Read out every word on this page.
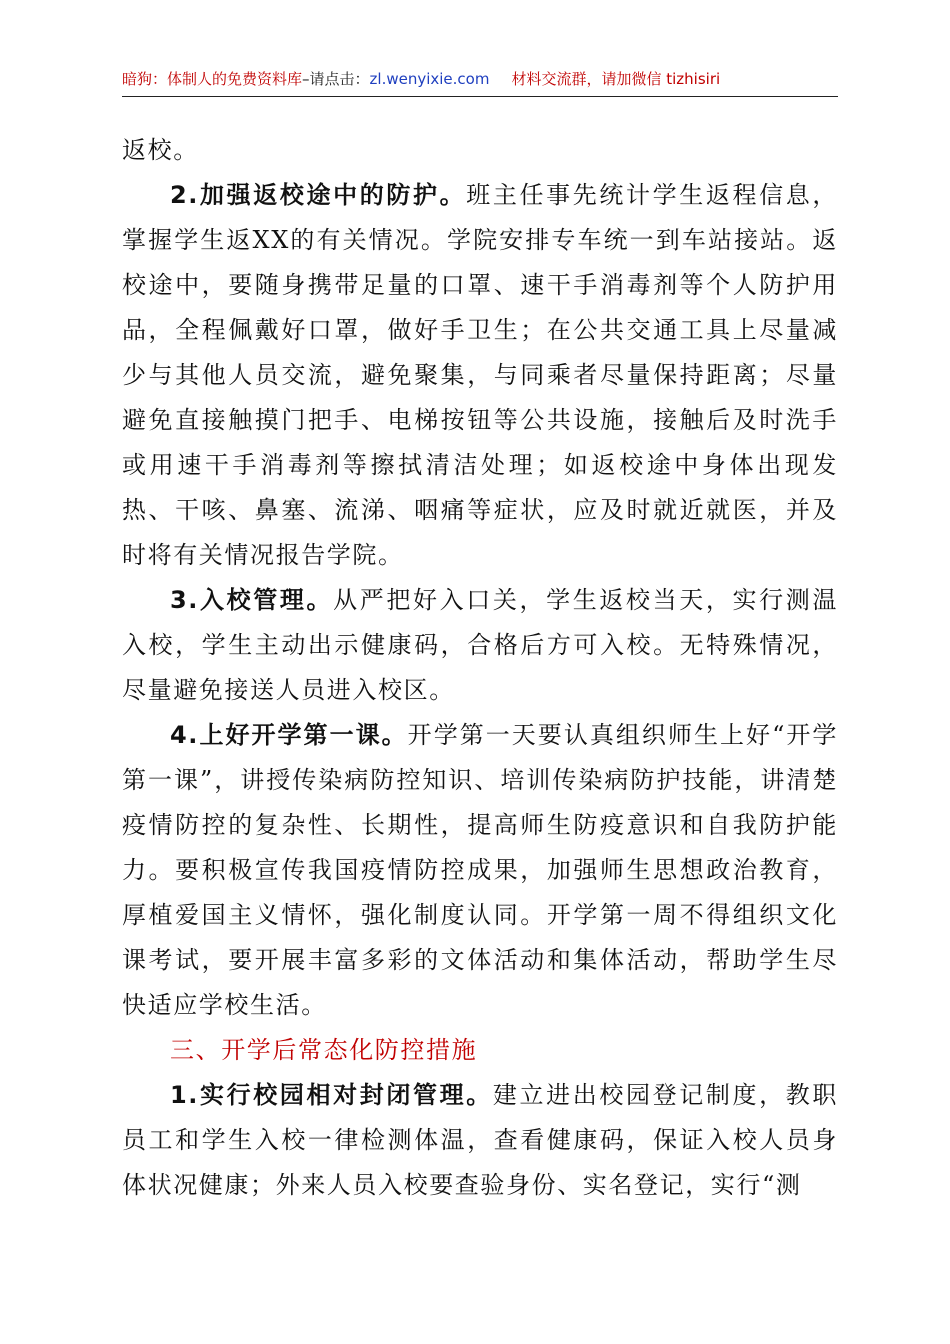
暗狗：体制人的免费资料库–请点击：zl.wenyixie.com 材料交流群，请加微信 tizhisiri

返校。

2.加强返校途中的防护。班主任事先统计学生返程信息，掌握学生返XX的有关情况。学院安排专车统一到车站接站。返校途中，要随身携带足量的口罩、速干手消毒剂等个人防护用品，全程佩戴好口罩，做好手卫生；在公共交通工具上尽量减少与其他人员交流，避免聚集，与同乘者尽量保持距离；尽量避免直接触摸门把手、电梯按钮等公共设施，接触后及时洗手或用速干手消毒剂等擦拭清洁处理；如返校途中身体出现发热、干咳、鼻塞、流涕、咽痛等症状，应及时就近就医，并及时将有关情况报告学院。

3.入校管理。从严把好入口关，学生返校当天，实行测温入校，学生主动出示健康码，合格后方可入校。无特殊情况，尽量避免接送人员进入校区。

4.上好开学第一课。开学第一天要认真组织师生上好“开学第一课”，讲授传染病防控知识、培训传染病防护技能，讲清楚疫情防控的复杂性、长期性，提高师生防疫意识和自我防护能力。要积极宣传我国疫情防控成果，加强师生思想政治教育，厚植爱国主义情怀，强化制度认同。开学第一周不得组织文化课考试，要开展丰富多彩的文体活动和集体活动，帮助学生尽快适应学校生活。

三、开学后常态化防控措施

1.实行校园相对封闭管理。建立进出校园登记制度，教职员工和学生入校一律检测体温，查看健康码，保证入校人员身体状况健康；外来人员入校要查验身份、实名登记，实行“测
